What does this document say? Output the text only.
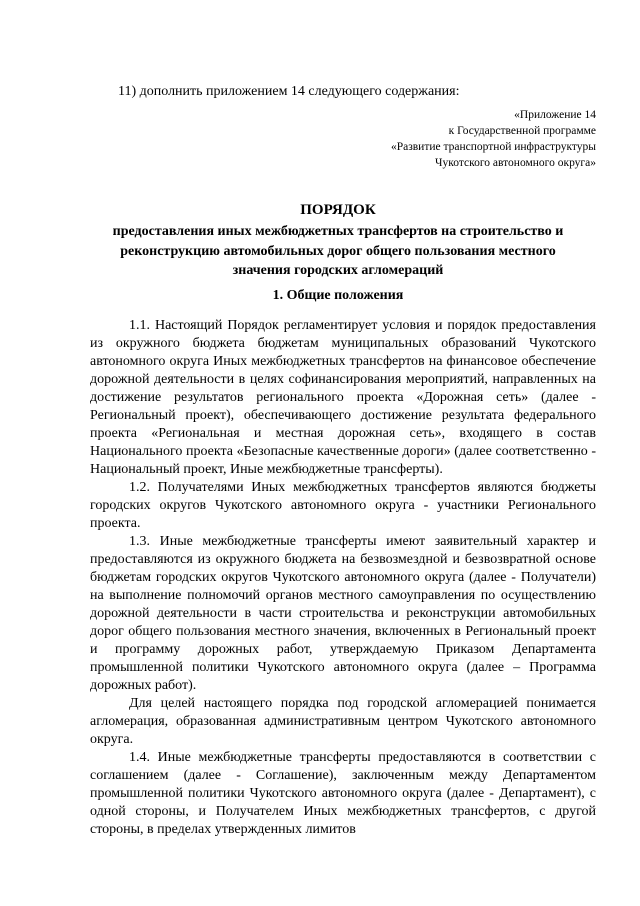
11) дополнить приложением 14 следующего содержания:
«Приложение 14
к Государственной программе
«Развитие транспортной инфраструктуры
Чукотского автономного округа»
ПОРЯДОК
предоставления иных межбюджетных трансфертов на строительство и реконструкцию автомобильных дорог общего пользования местного значения городских агломераций
1. Общие положения

1.1. Настоящий Порядок регламентирует условия и порядок предоставления из окружного бюджета бюджетам муниципальных образований Чукотского автономного округа Иных межбюджетных трансфертов на финансовое обеспечение дорожной деятельности в целях софинансирования мероприятий, направленных на достижение результатов регионального проекта «Дорожная сеть» (далее - Региональный проект), обеспечивающего достижение результата федерального проекта «Региональная и местная дорожная сеть», входящего в состав Национального проекта «Безопасные качественные дороги» (далее соответственно - Национальный проект, Иные межбюджетные трансферты).

1.2. Получателями Иных межбюджетных трансфертов являются бюджеты городских округов Чукотского автономного округа - участники Регионального проекта.

1.3. Иные межбюджетные трансферты имеют заявительный характер и предоставляются из окружного бюджета на безвозмездной и безвозвратной основе бюджетам городских округов Чукотского автономного округа (далее - Получатели) на выполнение полномочий органов местного самоуправления по осуществлению дорожной деятельности в части строительства и реконструкции автомобильных дорог общего пользования местного значения, включенных в Региональный проект и программу дорожных работ, утверждаемую Приказом Департамента промышленной политики Чукотского автономного округа (далее – Программа дорожных работ).

Для целей настоящего порядка под городской агломерацией понимается агломерация, образованная административным центром Чукотского автономного округа.

1.4. Иные межбюджетные трансферты предоставляются в соответствии с соглашением (далее - Соглашение), заключенным между Департаментом промышленной политики Чукотского автономного округа (далее - Департамент), с одной стороны, и Получателем Иных межбюджетных трансфертов, с другой стороны, в пределах утвержденных лимитов
